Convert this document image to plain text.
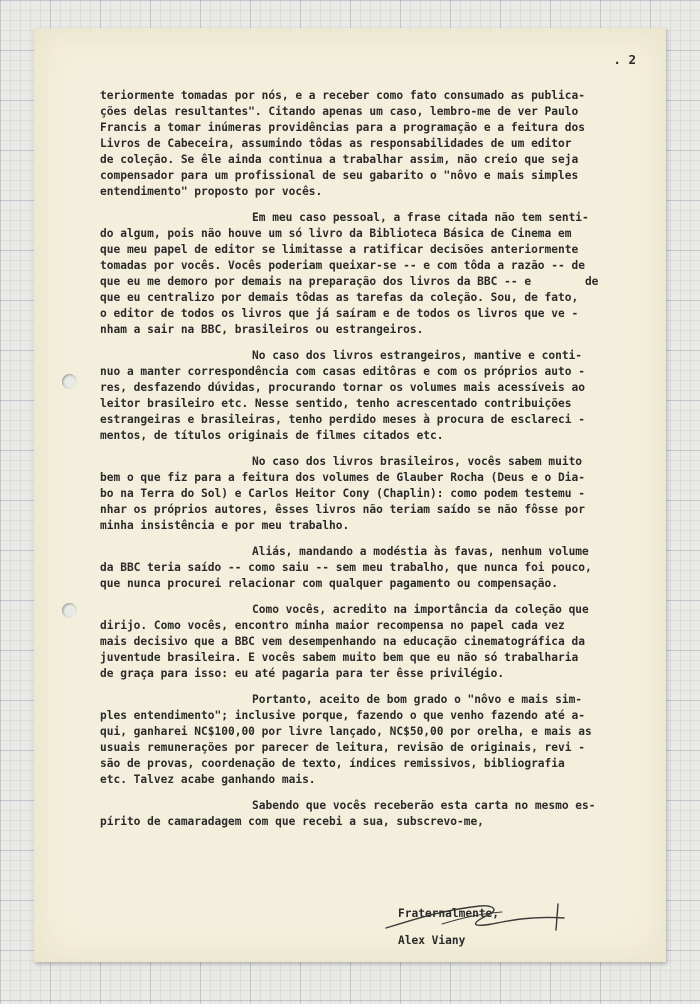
. 2
teriormente tomadas por nós, e a receber como fato consumado as publica-
ções delas resultantes". Citando apenas um caso, lembro-me de ver Paulo
Francis a tomar inúmeras providências para a programação e a feitura dos
Livros de Cabeceira, assumindo tôdas as responsabilidades de um editor
de coleção. Se êle ainda continua a trabalhar assim, não creio que seja
compensador para um profissional de seu gabarito o "nôvo e mais simples
entendimento" proposto por vocês.
Em meu caso pessoal, a frase citada não tem senti-
do algum, pois não houve um só livro da Biblioteca Básica de Cinema em
que meu papel de editor se limitasse a ratificar decisões anteriormente
tomadas por vocês. Vocês poderiam queixar-se -- e com tôda a razão -- de
que eu me demoro por demais na preparação dos livros da BBC -- e        de
que eu centralizo por demais tôdas as tarefas da coleção. Sou, de fato,
o editor de todos os livros que já saíram e de todos os livros que ve -
nham a sair na BBC, brasileiros ou estrangeiros.
No caso dos livros estrangeiros, mantive e conti-
nuo a manter correspondência com casas editôras e com os próprios auto -
res, desfazendo dúvidas, procurando tornar os volumes mais acessíveis ao
leitor brasileiro etc. Nesse sentido, tenho acrescentado contribuições
estrangeiras e brasileiras, tenho perdido meses à procura de esclareci -
mentos, de títulos originais de filmes citados etc.
No caso dos livros brasileiros, vocês sabem muito
bem o que fiz para a feitura dos volumes de Glauber Rocha (Deus e o Dia-
bo na Terra do Sol) e Carlos Heitor Cony (Chaplin): como podem testemu -
nhar os próprios autores, êsses livros não teriam saído se não fôsse por
minha insistência e por meu trabalho.
Aliás, mandando a modéstia às favas, nenhum volume
da BBC teria saído -- como saiu -- sem meu trabalho, que nunca foi pouco,
que nunca procurei relacionar com qualquer pagamento ou compensação.
Como vocês, acredito na importância da coleção que
dirijo. Como vocês, encontro minha maior recompensa no papel cada vez
mais decisivo que a BBC vem desempenhando na educação cinematográfica da
juventude brasileira. E vocês sabem muito bem que eu não só trabalharia
de graça para isso: eu até pagaria para ter êsse privilégio.
Portanto, aceito de bom grado o "nôvo e mais sim-
ples entendimento"; inclusive porque, fazendo o que venho fazendo até a-
qui, ganharei NC$100,00 por livre lançado, NC$50,00 por orelha, e mais as
usuais remunerações por parecer de leitura, revisão de originais, revi -
são de provas, coordenação de texto, índices remissivos, bibliografia
etc. Talvez acabe ganhando mais.
Sabendo que vocês receberão esta carta no mesmo es-
pírito de camaradagem com que recebi a sua, subscrevo-me,
Fraternalmente,
Alex Viany
